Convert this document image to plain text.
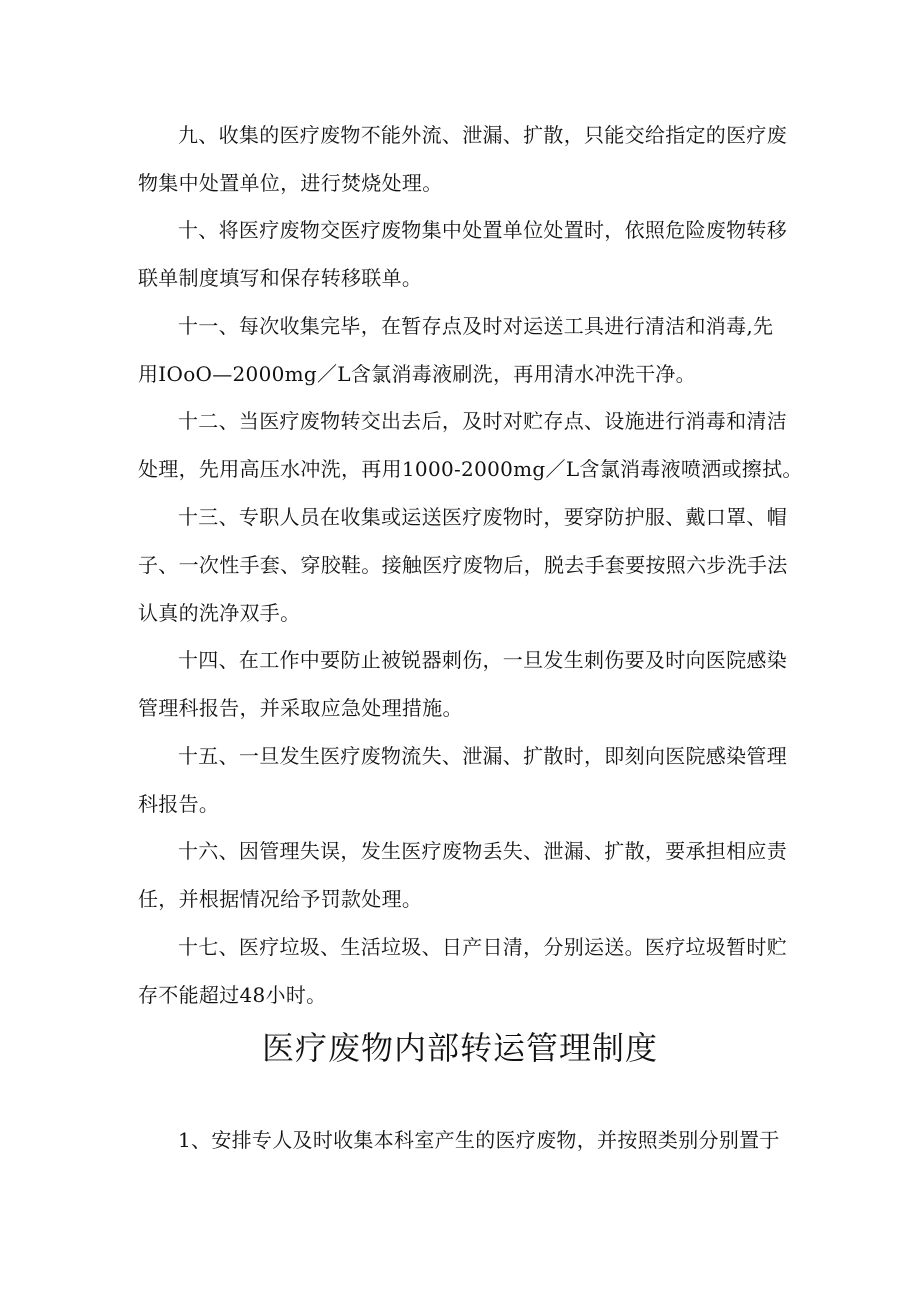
九、收集的医疗废物不能外流、泄漏、扩散，只能交给指定的医疗废
物集中处置单位，进行焚烧处理。
十、将医疗废物交医疗废物集中处置单位处置时，依照危险废物转移
联单制度填写和保存转移联单。
十一、每次收集完毕，在暂存点及时对运送工具进行清洁和消毒,先
用IOoO—2000mg／L含氯消毒液刷洗，再用清水冲洗干净。
十二、当医疗废物转交出去后，及时对贮存点、设施进行消毒和清洁
处理，先用高压水冲洗，再用1000-2000mg／L含氯消毒液喷洒或擦拭。
十三、专职人员在收集或运送医疗废物时，要穿防护服、戴口罩、帽
子、一次性手套、穿胶鞋。接触医疗废物后，脱去手套要按照六步洗手法
认真的洗净双手。
十四、在工作中要防止被锐器刺伤，一旦发生刺伤要及时向医院感染
管理科报告，并采取应急处理措施。
十五、一旦发生医疗废物流失、泄漏、扩散时，即刻向医院感染管理
科报告。
十六、因管理失误，发生医疗废物丢失、泄漏、扩散，要承担相应责
任，并根据情况给予罚款处理。
十七、医疗垃圾、生活垃圾、日产日清，分别运送。医疗垃圾暂时贮
存不能超过48小时。
医疗废物内部转运管理制度
1、安排专人及时收集本科室产生的医疗废物，并按照类别分别置于
